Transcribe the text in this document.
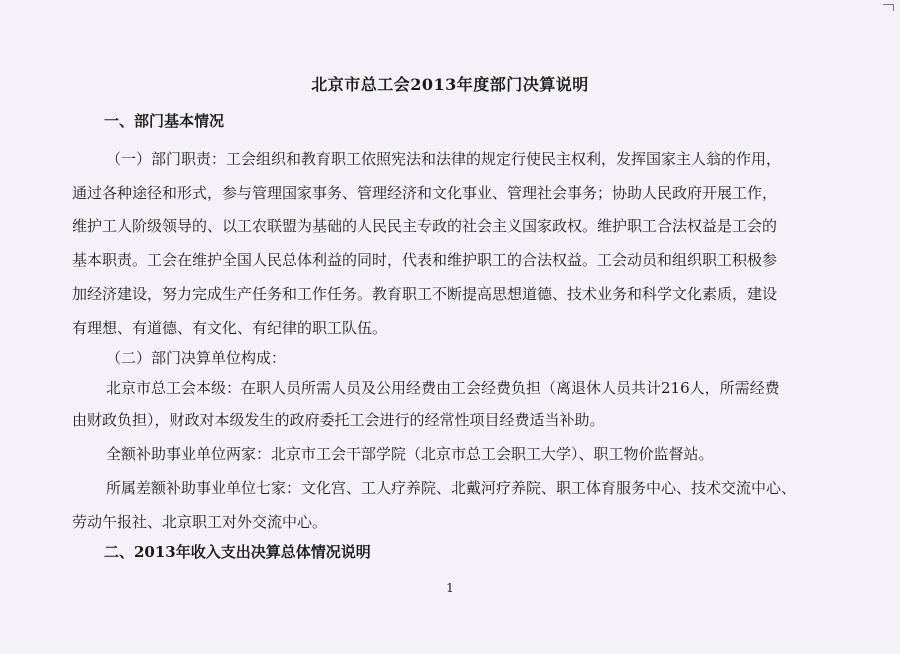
北京市总工会2013年度部门决算说明
一、部门基本情况
（一）部门职责：工会组织和教育职工依照宪法和法律的规定行使民主权利，发挥国家主人翁的作用，
通过各种途径和形式，参与管理国家事务、管理经济和文化事业、管理社会事务；协助人民政府开展工作，
维护工人阶级领导的、以工农联盟为基础的人民民主专政的社会主义国家政权。维护职工合法权益是工会的
基本职责。工会在维护全国人民总体利益的同时，代表和维护职工的合法权益。工会动员和组织职工积极参
加经济建设，努力完成生产任务和工作任务。教育职工不断提高思想道德、技术业务和科学文化素质，建设
有理想、有道德、有文化、有纪律的职工队伍。
（二）部门决算单位构成：
北京市总工会本级：在职人员所需人员及公用经费由工会经费负担（离退休人员共计216人，所需经费
由财政负担），财政对本级发生的政府委托工会进行的经常性项目经费适当补助。
全额补助事业单位两家：北京市工会干部学院（北京市总工会职工大学）、职工物价监督站。
所属差额补助事业单位七家：文化宫、工人疗养院、北戴河疗养院、职工体育服务中心、技术交流中心、
劳动午报社、北京职工对外交流中心。
二、2013年收入支出决算总体情况说明
1
